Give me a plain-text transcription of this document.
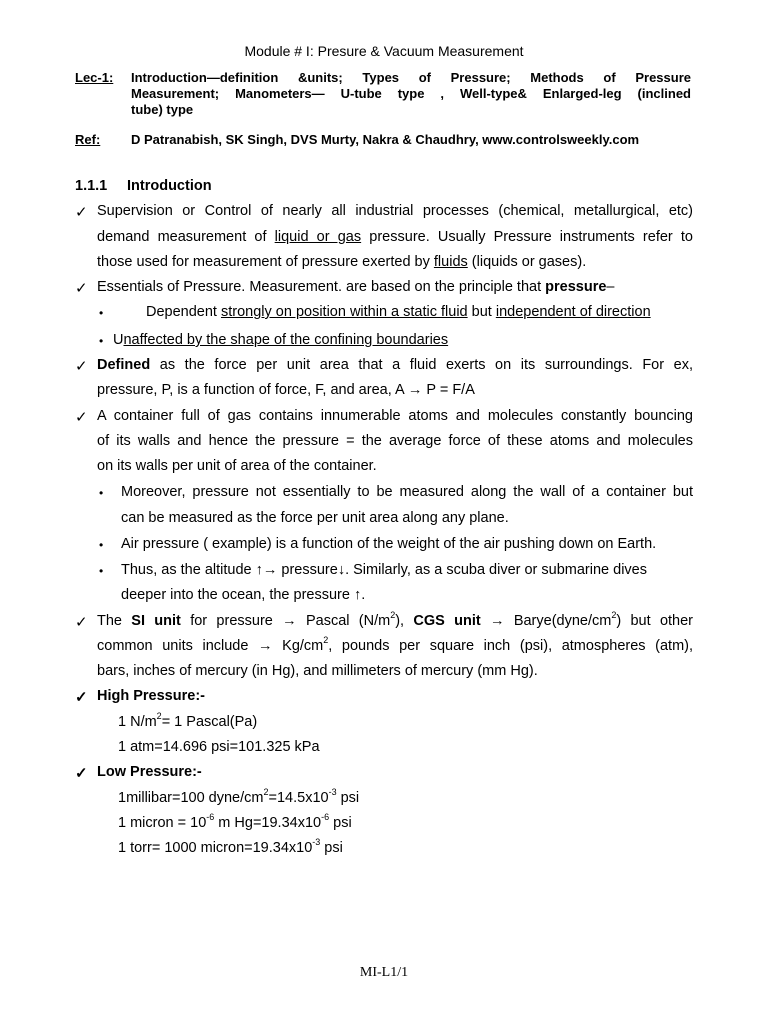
Module # I: Presure & Vacuum Measurement
Lec-1: Introduction—definition &units; Types of Pressure; Methods of Pressure
Measurement; Manometers— U-tube type , Well-type& Enlarged-leg (inclined
tube) type
Ref: D Patranabish, SK Singh, DVS Murty, Nakra & Chaudhry, www.controlsweekly.com
1.1.1 Introduction
✓ Supervision or Control of nearly all industrial processes (chemical, metallurgical, etc)
demand measurement of liquid or gas pressure. Usually Pressure instruments refer to
those used for measurement of pressure exerted by fluids (liquids or gases).
✓ Essentials of Pressure. Measurement. are based on the principle that pressure–
•	Dependent strongly on position within a static fluid but independent of direction
• Unaffected by the shape of the confining boundaries
✓ Defined as the force per unit area that a fluid exerts on its surroundings. For ex,
pressure, P, is a function of force, F, and area, A → P = F/A
✓ A container full of gas contains innumerable atoms and molecules constantly bouncing
of its walls and hence the pressure = the average force of these atoms and molecules
on its walls per unit of area of the container.
• Moreover, pressure not essentially to be measured along the wall of a container but
can be measured as the force per unit area along any plane.
• Air pressure ( example) is a function of the weight of the air pushing down on Earth.
• Thus, as the altitude ↑→ pressure↓. Similarly, as a scuba diver or submarine dives
deeper into the ocean, the pressure ↑.
✓ The SI unit for pressure → Pascal $(N/m^2)$, CGS unit → $Barye(dyne/cm^2)$ but other
common units include → $Kg/cm^2$, pounds per square inch (psi), atmospheres (atm),
bars, inches of mercury (in Hg), and millimeters of mercury (mm Hg).
✓ High Pressure:-
1 $N/m^2= 1$ Pascal(Pa)
1 atm=14.696 psi=101.325 kPa
✓ Low Pressure:-
1millibar=100 dyne/$cm^2=14.5x10^{-3}$ psi
1 micron = $10^{-6}$ m $Hg=19.34x10^{-6}$ psi
1 torr= 1000 $micron=19.34x10^{-3}$ psi
MI-L1/1
